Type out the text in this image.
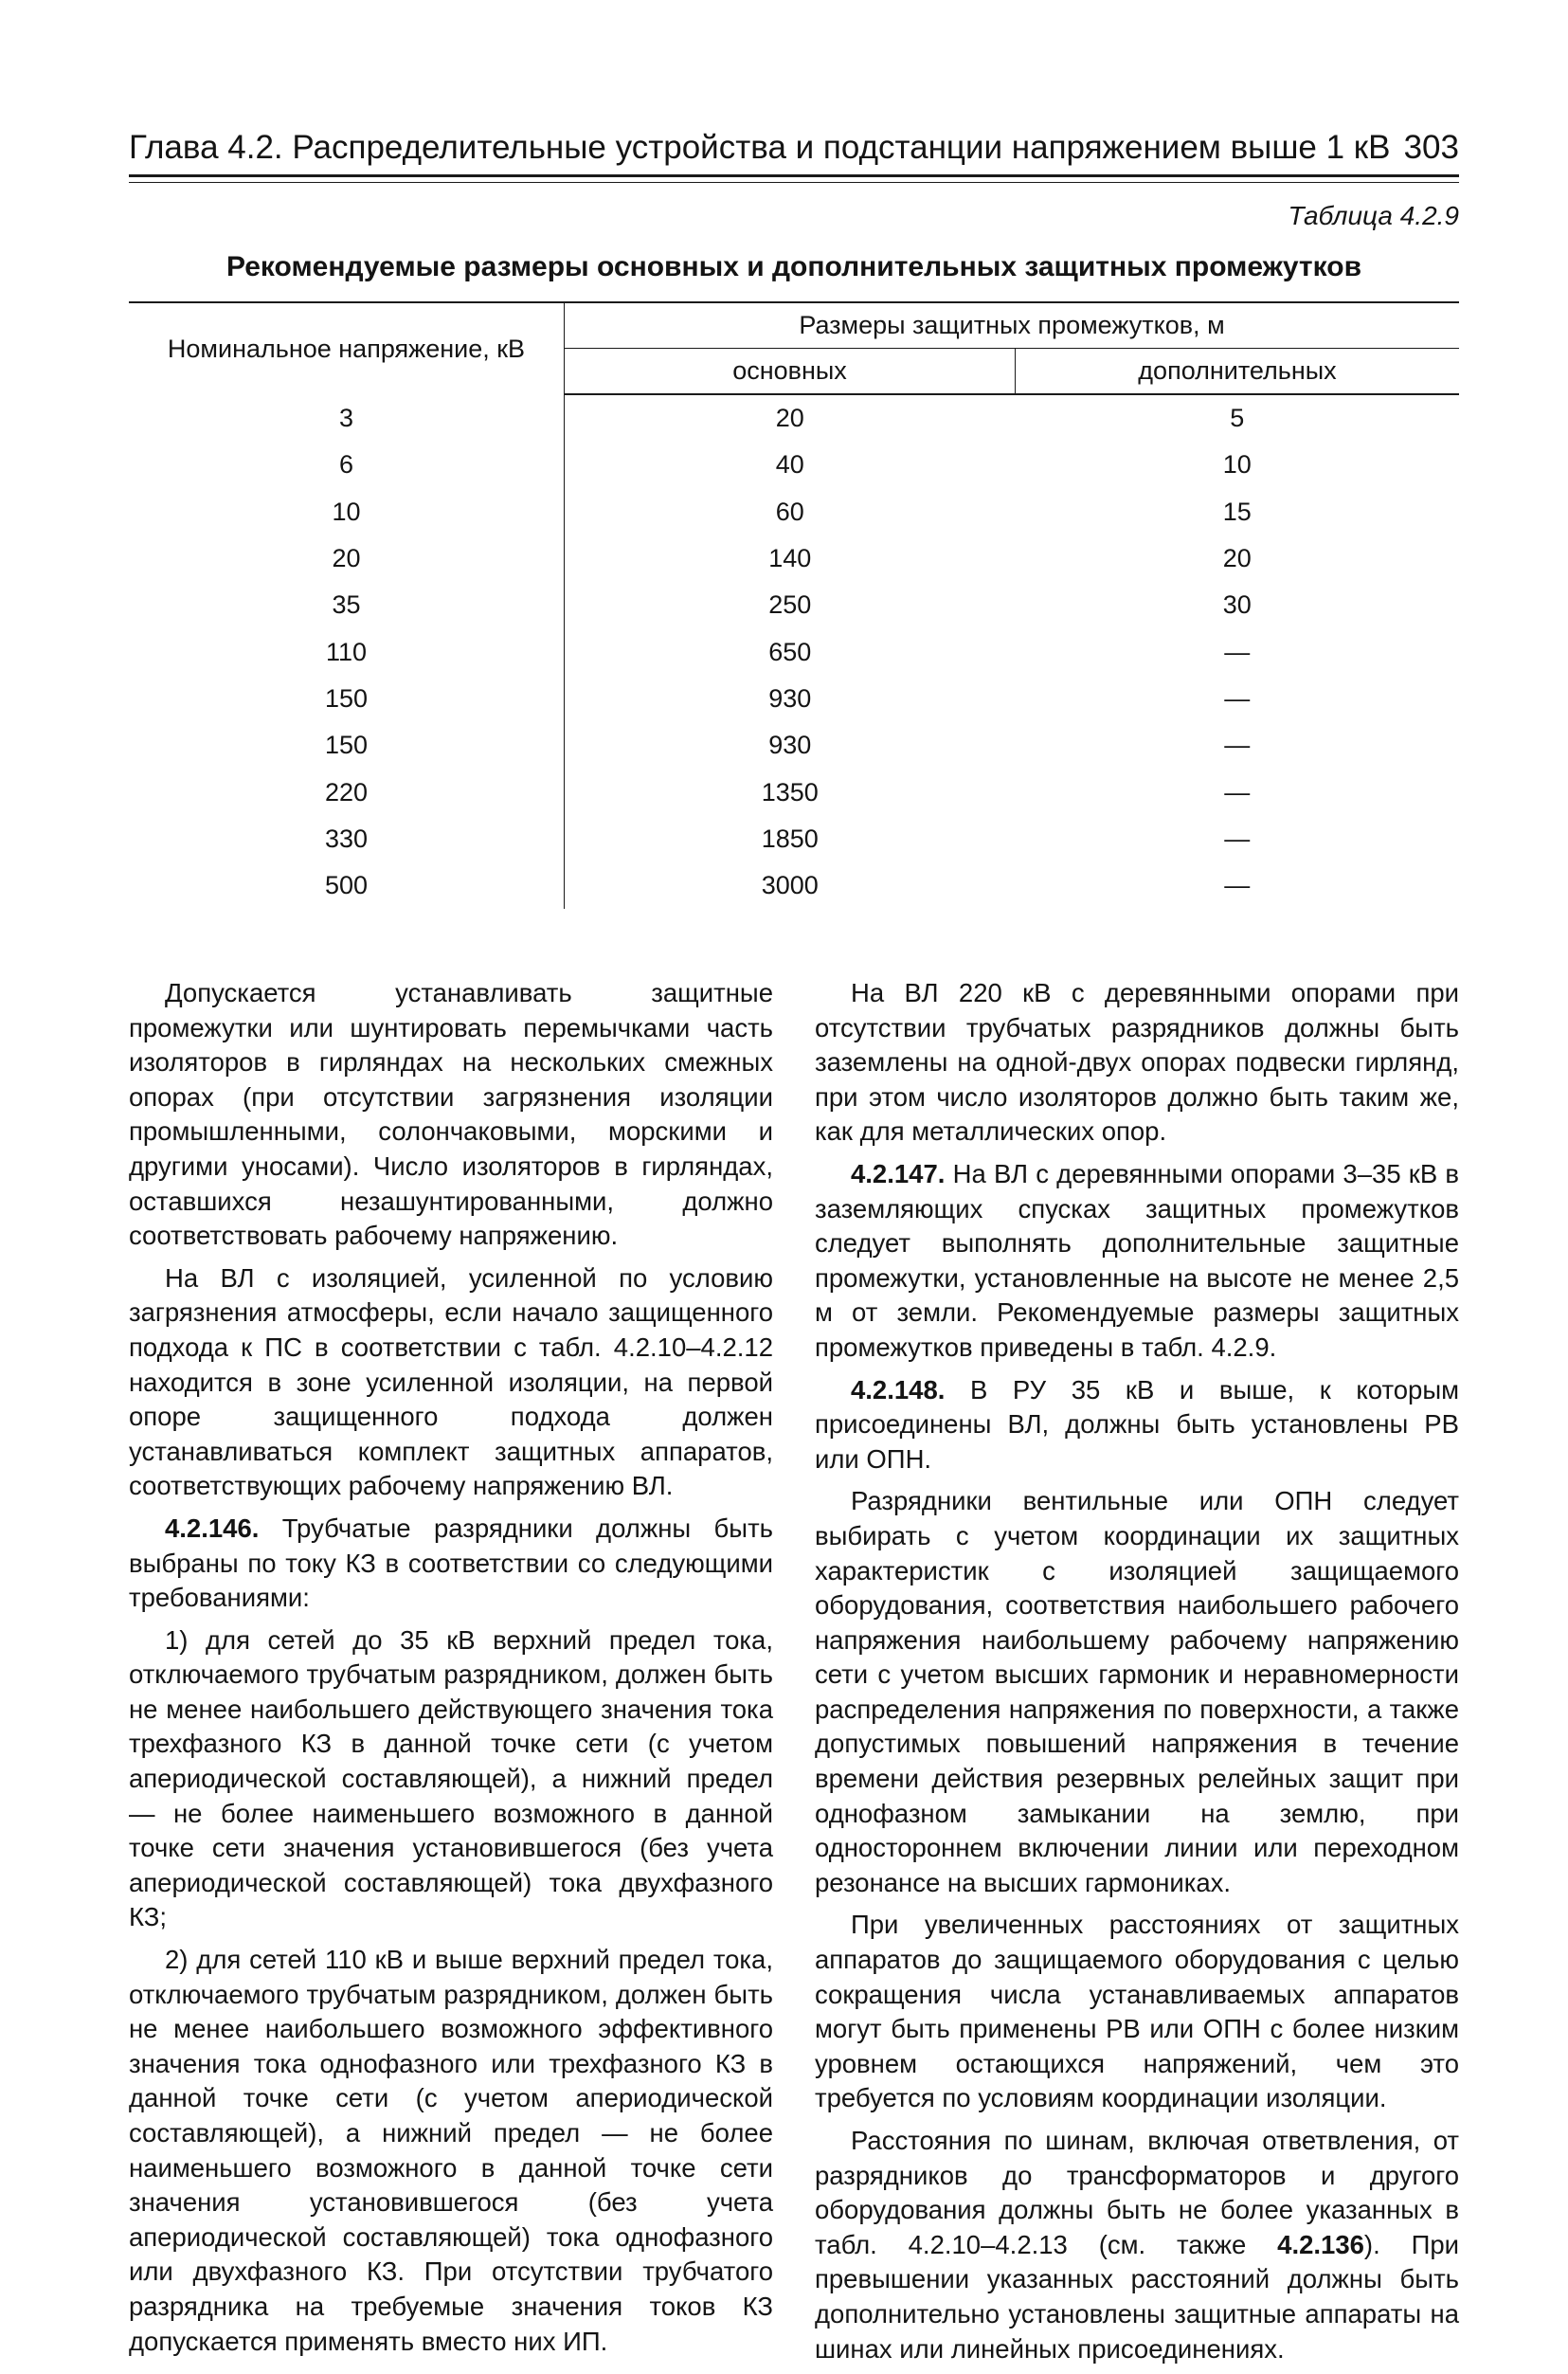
Глава 4.2. Распределительные устройства и подстанции напряжением выше 1 кВ 303
Таблица 4.2.9
Рекомендуемые размеры основных и дополнительных защитных промежутков
Номинальное напряжение, кВ	Размеры защитных промежутков, м	
	основных	дополнительных
3	20	5
6	40	10
10	60	15
20	140	20
35	250	30
110	650	—
150	930	—
150	930	—
220	1350	—
330	1850	—
500	3000	—

Допускается устанавливать защитные промежутки или шунтировать перемычками часть изоляторов в гирляндах на нескольких смежных опорах (при отсутствии загрязнения изоляции промышленными, солончаковыми, морскими и другими уносами). Число изоляторов в гирляндах, оставшихся незашунтированными, должно соответствовать рабочему напряжению.

На ВЛ с изоляцией, усиленной по условию загрязнения атмосферы, если начало защищенного подхода к ПС в соответствии с табл. 4.2.10–4.2.12 находится в зоне усиленной изоляции, на первой опоре защищенного подхода должен устанавливаться комплект защитных аппаратов, соответствующих рабочему напряжению ВЛ.

4.2.146. Трубчатые разрядники должны быть выбраны по току КЗ в соответствии со следующими требованиями:

1) для сетей до 35 кВ верхний предел тока, отключаемого трубчатым разрядником, должен быть не менее наибольшего действующего значения тока трехфазного КЗ в данной точке сети (с учетом апериодической составляющей), а нижний предел — не более наименьшего возможного в данной точке сети значения установившегося (без учета апериодической составляющей) тока двухфазного КЗ;

2) для сетей 110 кВ и выше верхний предел тока, отключаемого трубчатым разрядником, должен быть не менее наибольшего возможного эффективного значения тока однофазного или трехфазного КЗ в данной точке сети (с учетом апериодической составляющей), а нижний предел — не более наименьшего возможного в данной точке сети значения установившегося (без учета апериодической составляющей) тока однофазного или двухфазного КЗ. При отсутствии трубчатого разрядника на требуемые значения токов КЗ допускается применять вместо них ИП.

На ВЛ 220 кВ с деревянными опорами при отсутствии трубчатых разрядников должны быть заземлены на одной-двух опорах подвески гирлянд, при этом число изоляторов должно быть таким же, как для металлических опор.

4.2.147. На ВЛ с деревянными опорами 3–35 кВ в заземляющих спусках защитных промежутков следует выполнять дополнительные защитные промежутки, установленные на высоте не менее 2,5 м от земли. Рекомендуемые размеры защитных промежутков приведены в табл. 4.2.9.

4.2.148. В РУ 35 кВ и выше, к которым присоединены ВЛ, должны быть установлены РВ или ОПН.

Разрядники вентильные или ОПН следует выбирать с учетом координации их защитных характеристик с изоляцией защищаемого оборудования, соответствия наибольшего рабочего напряжения наибольшему рабочему напряжению сети с учетом высших гармоник и неравномерности распределения напряжения по поверхности, а также допустимых повышений напряжения в течение времени действия резервных релейных защит при однофазном замыкании на землю, при одностороннем включении линии или переходном резонансе на высших гармониках.

При увеличенных расстояниях от защитных аппаратов до защищаемого оборудования с целью сокращения числа устанавливаемых аппаратов могут быть применены РВ или ОПН с более низким уровнем остающихся напряжений, чем это требуется по условиям координации изоляции.

Расстояния по шинам, включая ответвления, от разрядников до трансформаторов и другого оборудования должны быть не более указанных в табл. 4.2.10–4.2.13 (см. также 4.2.136). При превышении указанных расстояний должны быть дополнительно установлены защитные аппараты на шинах или линейных присоединениях.
